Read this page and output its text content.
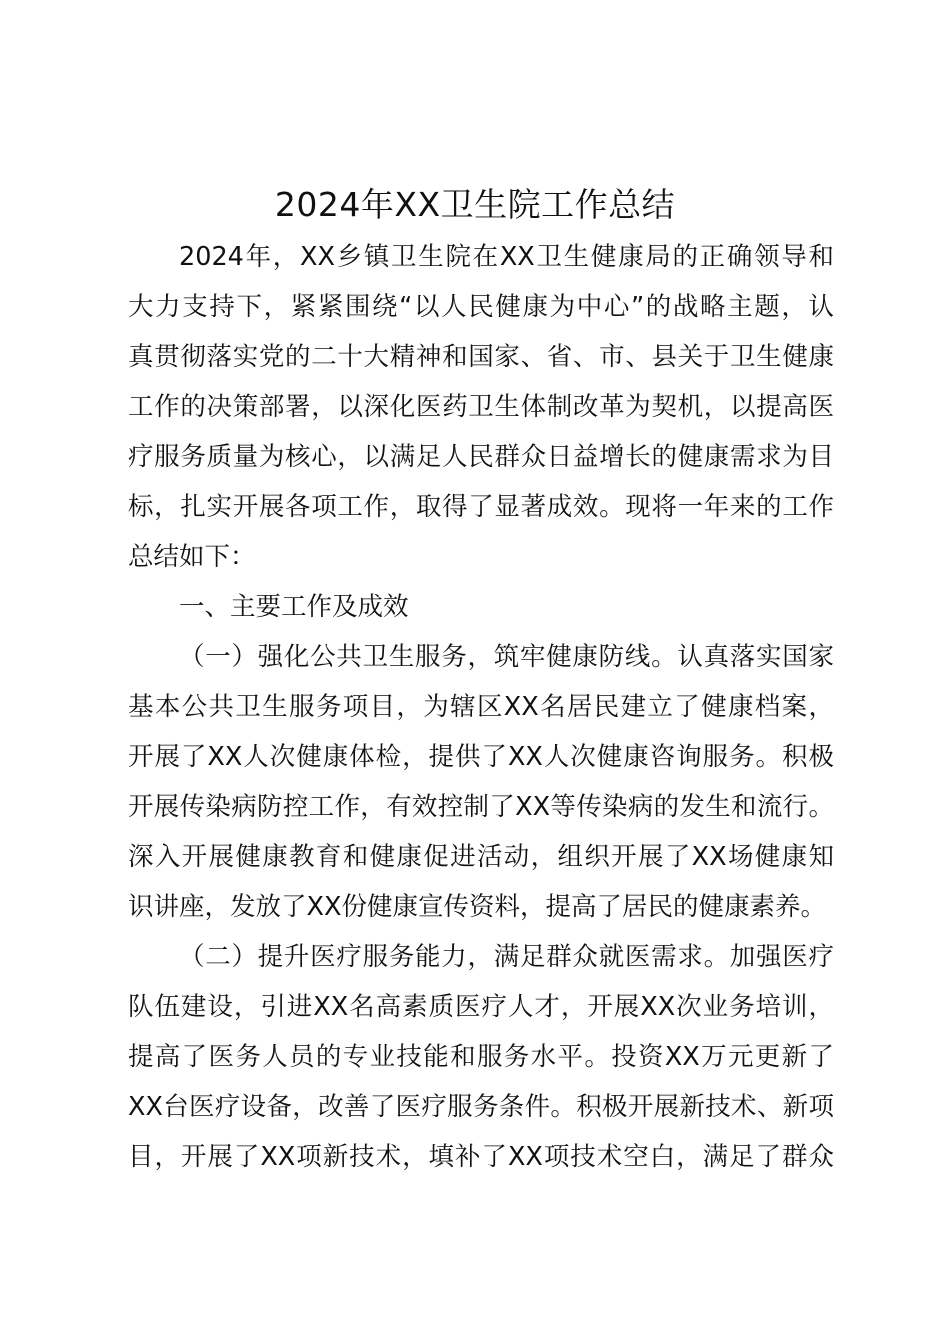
2024年XX卫生院工作总结
2024年，XX乡镇卫生院在XX卫生健康局的正确领导和
大力支持下，紧紧围绕“以人民健康为中心”的战略主题，认
真贯彻落实党的二十大精神和国家、省、市、县关于卫生健康
工作的决策部署，以深化医药卫生体制改革为契机，以提高医
疗服务质量为核心，以满足人民群众日益增长的健康需求为目
标，扎实开展各项工作，取得了显著成效。现将一年来的工作
总结如下：
一、主要工作及成效
（一）强化公共卫生服务，筑牢健康防线。认真落实国家
基本公共卫生服务项目，为辖区XX名居民建立了健康档案，
开展了XX人次健康体检，提供了XX人次健康咨询服务。积极
开展传染病防控工作，有效控制了XX等传染病的发生和流行。
深入开展健康教育和健康促进活动，组织开展了XX场健康知
识讲座，发放了XX份健康宣传资料，提高了居民的健康素养。
（二）提升医疗服务能力，满足群众就医需求。加强医疗
队伍建设，引进XX名高素质医疗人才，开展XX次业务培训，
提高了医务人员的专业技能和服务水平。投资XX万元更新了
XX台医疗设备，改善了医疗服务条件。积极开展新技术、新项
目，开展了XX项新技术，填补了XX项技术空白，满足了群众
